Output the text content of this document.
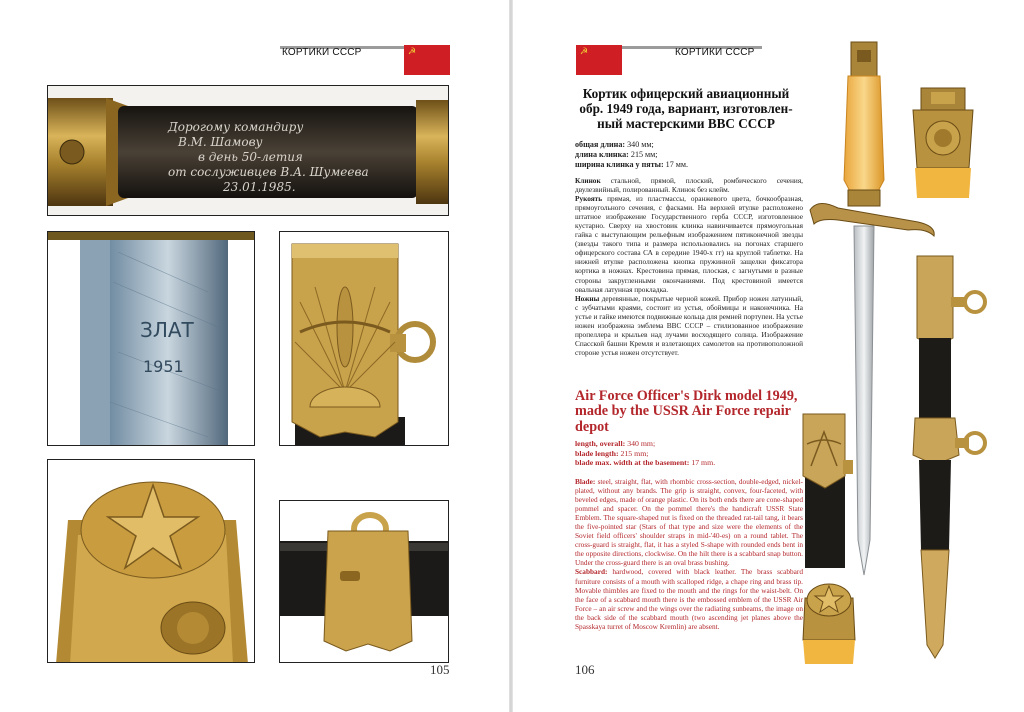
КОРТИКИ СССР	☭
Дорогому командиру
В.М. Шамову
в день 50-летия
от сослуживцев В.А. Шумеева
23.01.1985.
ЗЛАТ
1951
105
☭	КОРТИКИ СССР
Кортик офицерский авиационный обр. 1949 года, вариант, изготовленный мастерскими ВВС СССР

общая длина: 340 мм;

длина клинка: 215 мм;

ширина клинка у пяты: 17 мм.

Клинок стальной, прямой, плоский, ромбического сечения, двулезвийный, полированный. Клинок без клейм.

Рукоять прямая, из пластмассы, оранжевого цвета, бочкообразная, прямоугольного сечения, с фасками. На верхней втулке расположено штатное изображение Государственного герба СССР, изготовленное кустарно. Сверху на хвостовик клинка навинчивается прямоугольная гайка с выступающим рельефным изображением пятиконечной звезды (звезды такого типа и размера использовались на погонах старшего офицерского состава СА в середине 1940-х гг) на круглой таблетке. На нижней втулке расположена кнопка пружинной защелки фиксатора кортика в ножнах. Крестовина прямая, плоская, с загнутыми в разные стороны закругленными окончаниями. Под крестовиной имеется овальная латунная прокладка.

Ножны деревянные, покрытые черной кожей. Прибор ножен латунный, с зубчатыми краями, состоит из устья, обоймицы и наконечника. На устье и гайке имеются подвижные кольца для ремней портупеи. На устье ножен изображена эмблема ВВС СССР – стилизованное изображение пропеллера и крыльев над лучами восходящего солнца. Изображение Спасской башни Кремля и взлетающих самолетов на противоположной стороне устья ножен отсутствует.

Air Force Officer's Dirk model 1949, made by the USSR Air Force repair depot

length, overall: 340 mm;

blade length: 215 mm;

blade max. width at the basement: 17 mm.

Blade: steel, straight, flat, with rhombic cross-section, double-edged, nickel-plated, without any brands. The grip is straight, convex, four-faceted, with beveled edges, made of orange plastic. On its both ends there are cone-shaped pommel and spacer. On the pommel there's the handicraft USSR State Emblem. The square-shaped nut is fixed on the threaded rat-tail tang, it bears the five-pointed star (Stars of that type and size were the elements of the Soviet field officers' shoulder straps in mid-'40-es) on a round tablet. The cross-guard is straight, flat, it has a styled S-shape with rounded ends bent in the opposite directions, clockwise. On the hilt there is a scabbard snap button. Under the cross-guard there is an oval brass bushing.

Scabbard: hardwood, covered with black leather. The brass scabbard furniture consists of a mouth with scalloped ridge, a chape ring and brass tip. Movable thimbles are fixed to the mouth and the rings for the waist-belt. On the face of a scabbard mouth there is the embossed emblem of the USSR Air Force – an air screw and the wings over the radiating sunbeams, the image on the back side of the scabbard mouth (two ascending jet planes above the Spasskaya turret of Moscow Kremlin) are absent.

106
